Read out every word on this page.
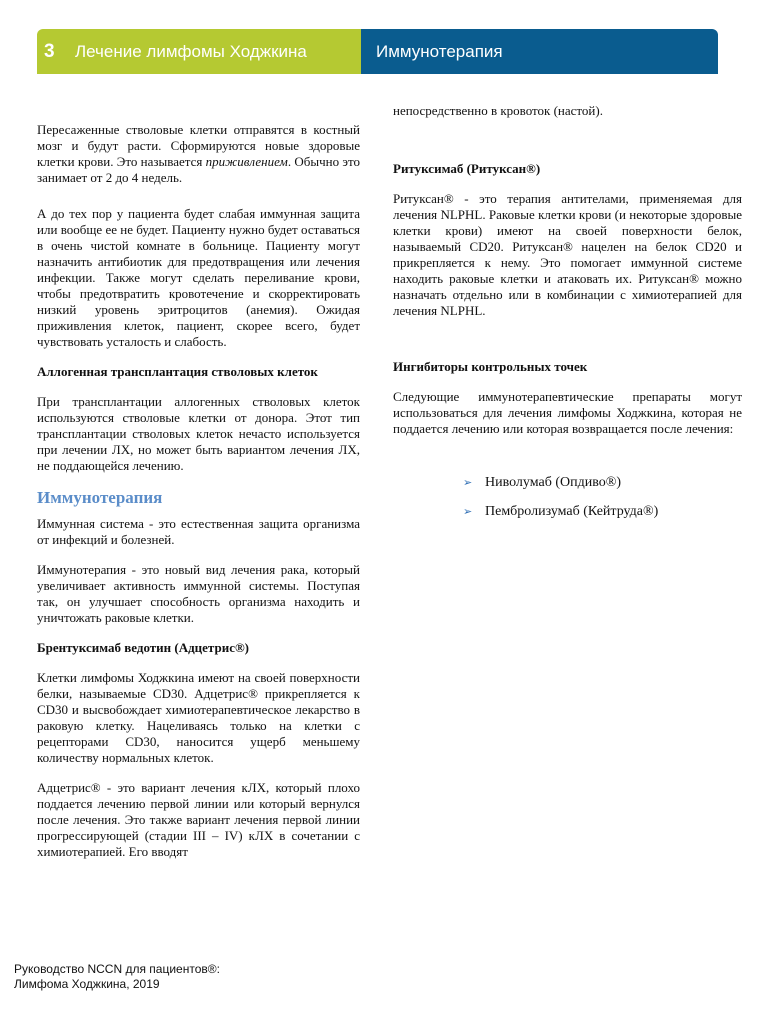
3	Лечение лимфомы Ходжкина	Иммунотерапия

Пересаженные стволовые клетки отправятся в костный мозг и будут расти. Сформируются новые здоровые клетки крови. Это называется приживлением. Обычно это занимает от 2 до 4 недель.

А до тех пор у пациента будет слабая иммунная защита или вообще ее не будет. Пациенту нужно будет оставаться в очень чистой комнате в больнице. Пациенту могут назначить антибиотик для предотвращения или лечения инфекции. Также могут сделать переливание крови, чтобы предотвратить кровотечение и скорректировать низкий уровень эритроцитов (анемия). Ожидая приживления клеток, пациент, скорее всего, будет чувствовать усталость и слабость.

Аллогенная трансплантация стволовых клеток

При трансплантации аллогенных стволовых клеток используются стволовые клетки от донора. Этот тип трансплантации стволовых клеток нечасто используется при лечении ЛХ, но может быть вариантом лечения ЛХ, не поддающейся лечению.

Иммунотерапия

Иммунная система - это естественная защита организма от инфекций и болезней.

Иммунотерапия - это новый вид лечения рака, который увеличивает активность иммунной системы. Поступая так, он улучшает способность организма находить и уничтожать раковые клетки.

Брентуксимаб ведотин (Адцетрис®)

Клетки лимфомы Ходжкина имеют на своей поверхности белки, называемые CD30. Адцетрис® прикрепляется к CD30 и высвобождает химиотерапевтическое лекарство в раковую клетку. Нацеливаясь только на клетки с рецепторами CD30, наносится ущерб меньшему количеству нормальных клеток.

Адцетрис® - это вариант лечения кЛХ, который плохо поддается лечению первой линии или который вернулся после лечения. Это также вариант лечения первой линии прогрессирующей (стадии III – IV) кЛХ в сочетании с химиотерапией. Его вводят

непосредственно в кровоток (настой).

Ритуксимаб (Ритуксан®)

Ритуксан® - это терапия антителами, применяемая для лечения NLPHL. Раковые клетки крови (и некоторые здоровые клетки крови) имеют на своей поверхности белок, называемый CD20. Ритуксан® нацелен на белок CD20 и прикрепляется к нему. Это помогает иммунной системе находить раковые клетки и атаковать их. Ритуксан® можно назначать отдельно или в комбинации с химиотерапией для лечения NLPHL.

Ингибиторы контрольных точек

Следующие иммунотерапевтические препараты могут использоваться для лечения лимфомы Ходжкина, которая не поддается лечению или которая возвращается после лечения:

➢ Ниволумаб (Опдиво®)
➢ Пембролизумаб (Кейтруда®)
Руководство NCCN для пациентов®:
Лимфома Ходжкина, 2019
